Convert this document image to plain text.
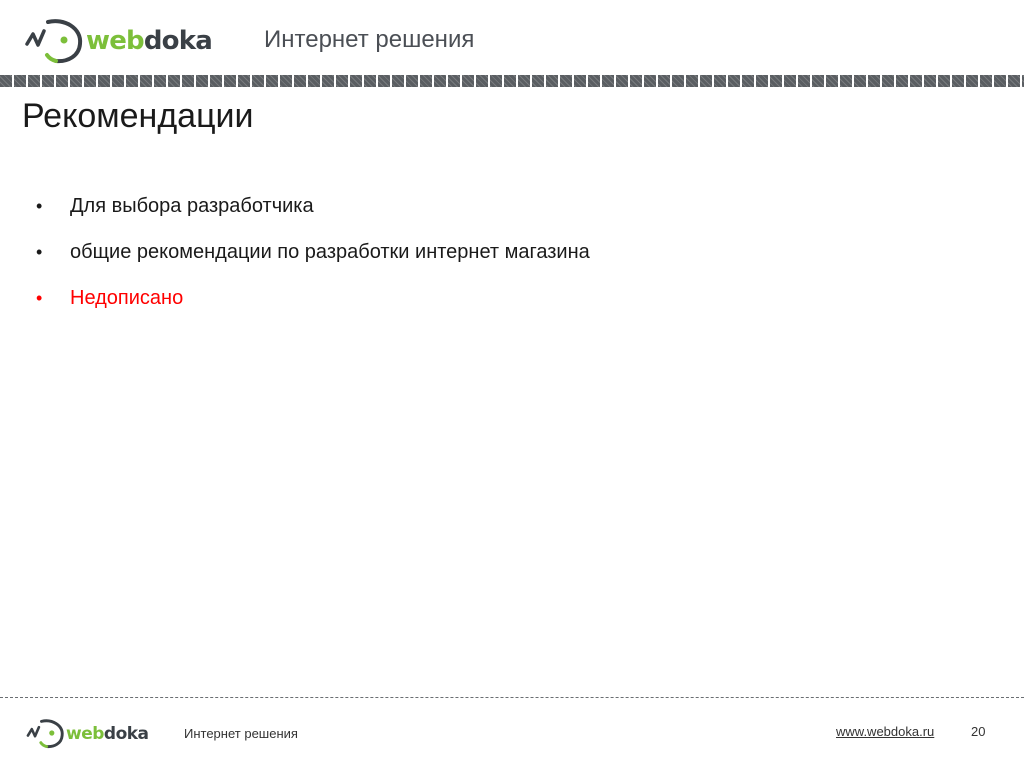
webdoka Интернет решения
Рекомендации
•	Для выбора разработчика
•	общие рекомендации по разработки интернет магазина
•	Недописано
webdoka	Интернет решения	www.webdoka.ru	20
